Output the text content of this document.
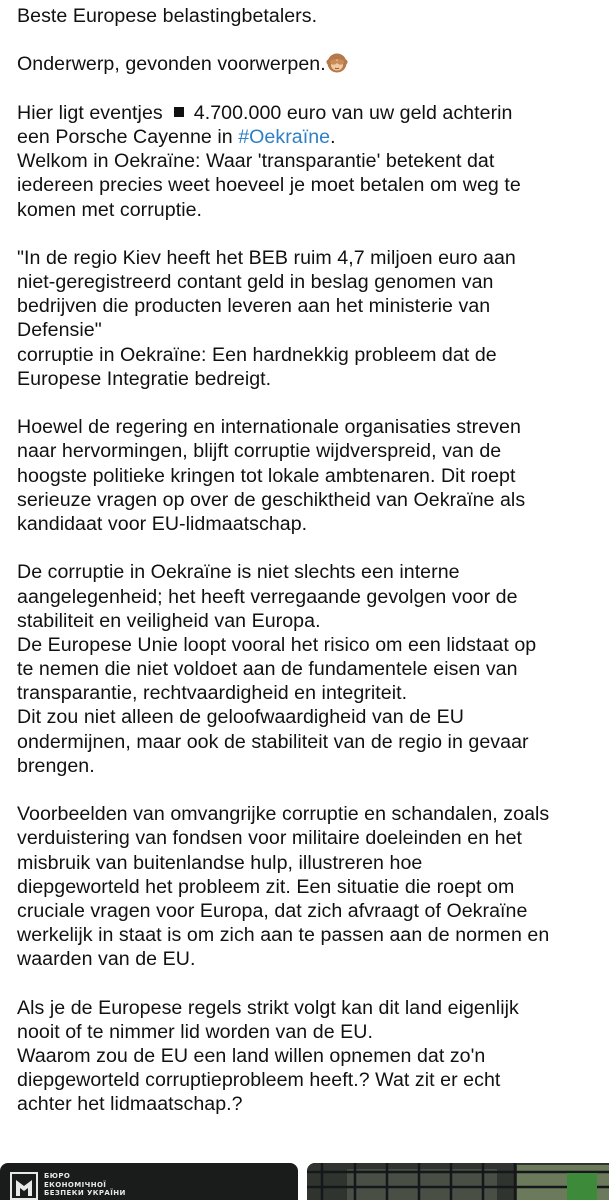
Beste Europese belastingbetalers.
Onderwerp, gevonden voorwerpen.
Hier ligt eventjes 4.700.000 euro van uw geld achterin
een Porsche Cayenne in #Oekraïne.
Welkom in Oekraïne: Waar 'transparantie' betekent dat
iedereen precies weet hoeveel je moet betalen om weg te
komen met corruptie.
"In de regio Kiev heeft het BEB ruim 4,7 miljoen euro aan
niet-geregistreerd contant geld in beslag genomen van
bedrijven die producten leveren aan het ministerie van
Defensie"
corruptie in Oekraïne: Een hardnekkig probleem dat de
Europese Integratie bedreigt.
Hoewel de regering en internationale organisaties streven
naar hervormingen, blijft corruptie wijdverspreid, van de
hoogste politieke kringen tot lokale ambtenaren. Dit roept
serieuze vragen op over de geschiktheid van Oekraïne als
kandidaat voor EU-lidmaatschap.
De corruptie in Oekraïne is niet slechts een interne
aangelegenheid; het heeft verregaande gevolgen voor de
stabiliteit en veiligheid van Europa.
De Europese Unie loopt vooral het risico om een lidstaat op
te nemen die niet voldoet aan de fundamentele eisen van
transparantie, rechtvaardigheid en integriteit.
Dit zou niet alleen de geloofwaardigheid van de EU
ondermijnen, maar ook de stabiliteit van de regio in gevaar
brengen.
Voorbeelden van omvangrijke corruptie en schandalen, zoals
verduistering van fondsen voor militaire doeleinden en het
misbruik van buitenlandse hulp, illustreren hoe
diepgeworteld het probleem zit. Een situatie die roept om
cruciale vragen voor Europa, dat zich afvraagt of Oekraïne
werkelijk in staat is om zich aan te passen aan de normen en
waarden van de EU.
Als je de Europese regels strikt volgt kan dit land eigenlijk
nooit of te nimmer lid worden van de EU.
Waarom zou de EU een land willen opnemen dat zo'n
diepgeworteld corruptieprobleem heeft.? Wat zit er echt
achter het lidmaatschap.?
БЮРО
ЕКОНОМІЧНОЇ
БЕЗПЕКИ УКРАЇНИ
